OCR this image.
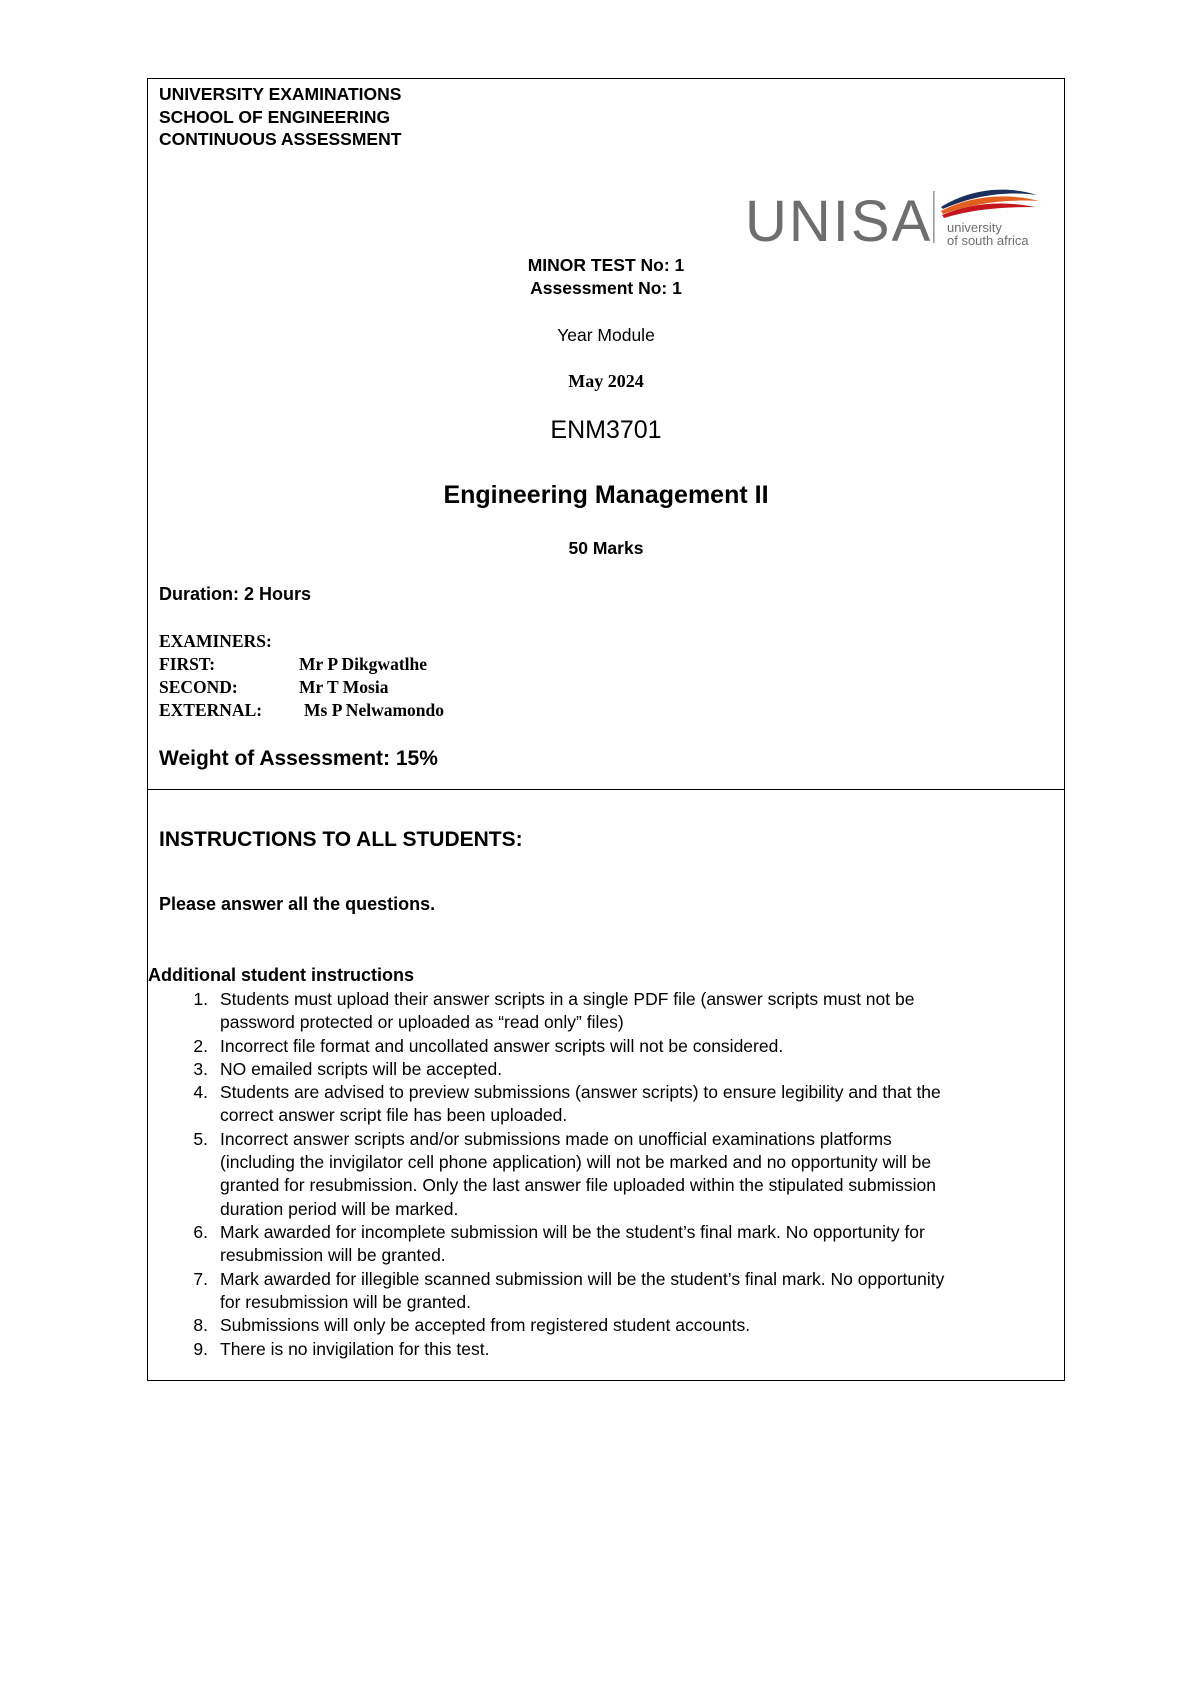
UNIVERSITY EXAMINATIONS
SCHOOL OF ENGINEERING
CONTINUOUS ASSESSMENT
UNISA university
of south africa
MINOR TEST No: 1
Assessment No: 1
Year Module
May 2024
ENM3701
Engineering Management II
50 Marks
Duration: 2 Hours
EXAMINERS:
FIRST:	Mr P Dikgwatlhe
SECOND:	Mr T Mosia
EXTERNAL: Ms P Nelwamondo
Weight of Assessment: 15%
INSTRUCTIONS TO ALL STUDENTS:
Please answer all the questions.
Additional student instructions
1. Students must upload their answer scripts in a single PDF file (answer scripts must not be
password protected or uploaded as “read only” files)
2. Incorrect file format and uncollated answer scripts will not be considered.
3. NO emailed scripts will be accepted.
4. Students are advised to preview submissions (answer scripts) to ensure legibility and that the
correct answer script file has been uploaded.
5. Incorrect answer scripts and/or submissions made on unofficial examinations platforms
(including the invigilator cell phone application) will not be marked and no opportunity will be
granted for resubmission. Only the last answer file uploaded within the stipulated submission
duration period will be marked.
6. Mark awarded for incomplete submission will be the student’s final mark. No opportunity for
resubmission will be granted.
7. Mark awarded for illegible scanned submission will be the student’s final mark. No opportunity
for resubmission will be granted.
8. Submissions will only be accepted from registered student accounts.
9. There is no invigilation for this test.
